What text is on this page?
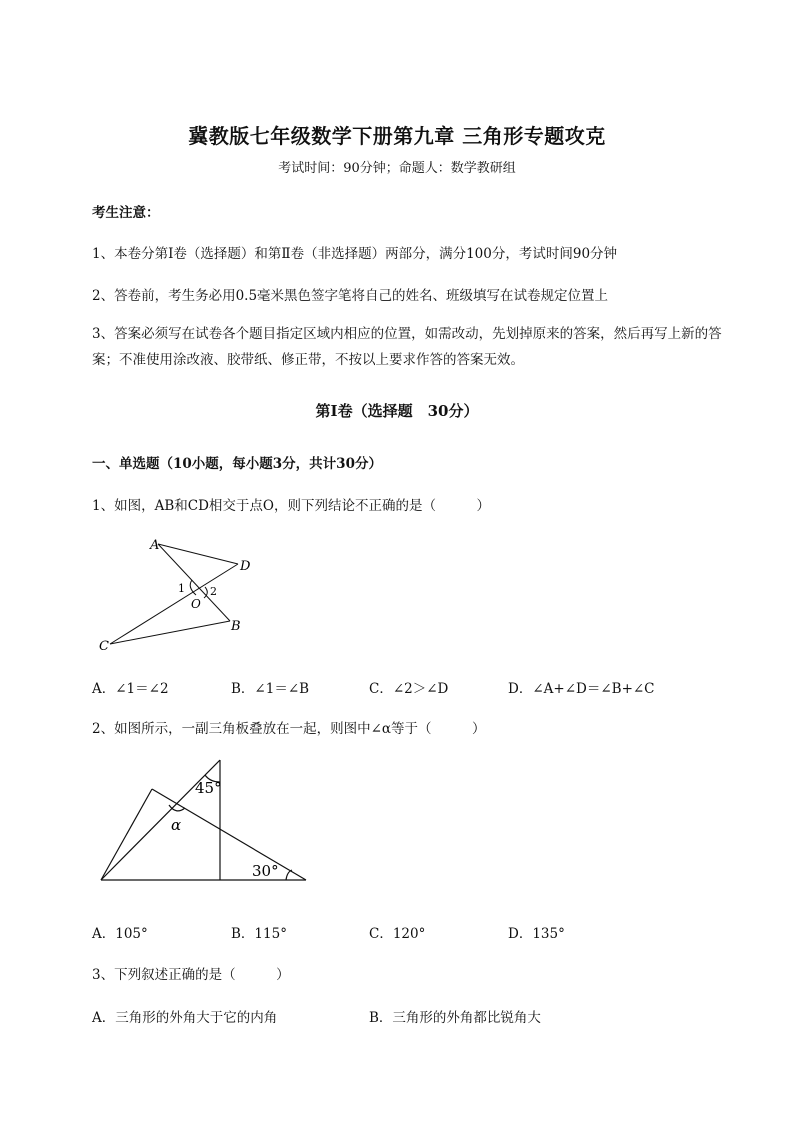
冀教版七年级数学下册第九章 三角形专题攻克
考试时间：90分钟；命题人：数学教研组
考生注意：
1、本卷分第I卷（选择题）和第Ⅱ卷（非选择题）两部分，满分100分，考试时间90分钟
2、答卷前，考生务必用0.5毫米黑色签字笔将自己的姓名、班级填写在试卷规定位置上
3、答案必须写在试卷各个题目指定区域内相应的位置，如需改动，先划掉原来的答案，然后再写上新的答案；不准使用涂改液、胶带纸、修正带，不按以上要求作答的答案无效。
第I卷（选择题　30分）
一、单选题（10小题，每小题3分，共计30分）
1、如图，AB和CD相交于点O，则下列结论不正确的是（　　　）
A
D
B
C
O
1 2
A．∠1＝∠2	B．∠1＝∠B	C．∠2＞∠D	D．∠A+∠D＝∠B+∠C
2、如图所示，一副三角板叠放在一起，则图中∠α等于（　　　）
45°
α
30°
A．105°	B．115°	C．120°	D．135°
3、下列叙述正确的是（　　　）
A．三角形的外角大于它的内角	B．三角形的外角都比锐角大
